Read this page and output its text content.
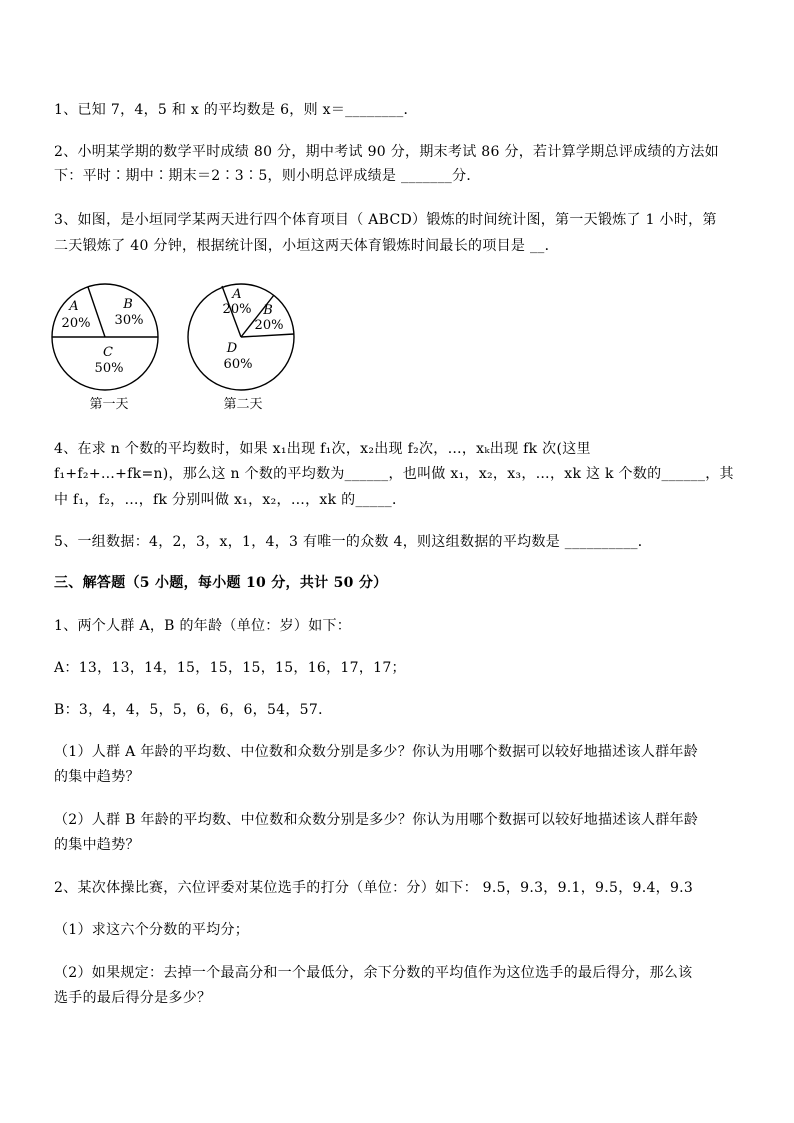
1、已知 7，4，5 和 x 的平均数是 6，则 x＝________．
2、小明某学期的数学平时成绩 80 分，期中考试 90 分，期末考试 86 分，若计算学期总评成绩的方法如
下：平时∶期中∶期末＝2∶3∶5，则小明总评成绩是 _______分．
3、如图，是小垣同学某两天进行四个体育项目（ ABCD）锻炼的时间统计图，第一天锻炼了 1 小时，第
二天锻炼了 40 分钟，根据统计图，小垣这两天体育锻炼时间最长的项目是 __．
A
20%
B
30%
C
50%
第一天
A
20% B
20%
D
60%
第二天
4、在求 n 个数的平均数时，如果 x₁出现 f₁次，x₂出现 f₂次，…，xₖ出现 fk 次(这里
f₁+f₂+…+fk=n)，那么这 n 个数的平均数为______，也叫做 x₁，x₂，x₃，…，xk 这 k 个数的______，其
中 f₁，f₂，…，fk 分别叫做 x₁，x₂，…，xk 的_____．
5、一组数据：4，2，3，x，1，4，3 有唯一的众数 4，则这组数据的平均数是 __________．
三、解答题（5 小题，每小题 10 分，共计 50 分）
1、两个人群 A，B 的年龄（单位：岁）如下：
A：13，13，14，15，15，15，15，16，17，17；
B：3，4，4，5，5，6，6，6，54，57．
（1）人群 A 年龄的平均数、中位数和众数分别是多少？你认为用哪个数据可以较好地描述该人群年龄
的集中趋势？
（2）人群 B 年龄的平均数、中位数和众数分别是多少？你认为用哪个数据可以较好地描述该人群年龄
的集中趋势？
2、某次体操比赛，六位评委对某位选手的打分（单位：分）如下： 9.5，9.3，9.1，9.5，9.4，9.3
（1）求这六个分数的平均分；
（2）如果规定：去掉一个最高分和一个最低分，余下分数的平均值作为这位选手的最后得分，那么该
选手的最后得分是多少？
